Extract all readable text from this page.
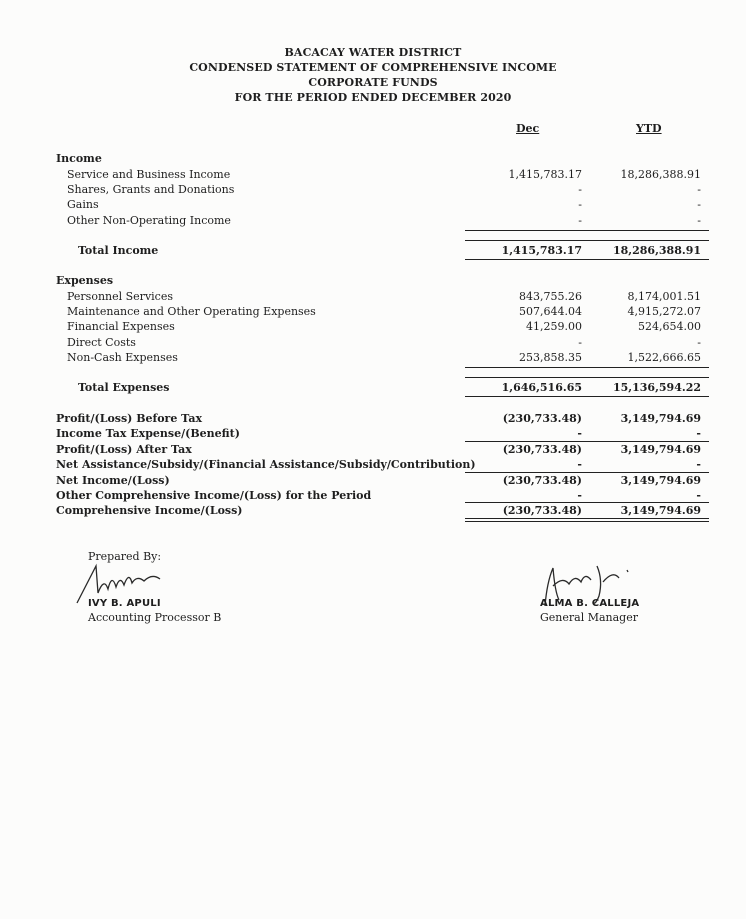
BACACAY WATER DISTRICT
CONDENSED STATEMENT OF COMPREHENSIVE INCOME
CORPORATE FUNDS
FOR THE PERIOD ENDED DECEMBER 2020
Dec	YTD
Income
Service and Business Income	1,415,783.17	18,286,388.91
Shares, Grants and Donations	-	-
Gains	-	-
Other Non-Operating Income	-	-
Total Income	1,415,783.17	18,286,388.91
Expenses
Personnel Services	843,755.26	8,174,001.51
Maintenance and Other Operating Expenses	507,644.04	4,915,272.07
Financial Expenses	41,259.00	524,654.00
Direct Costs	-	-
Non-Cash Expenses	253,858.35	1,522,666.65
Total Expenses	1,646,516.65	15,136,594.22
Profit/(Loss) Before Tax	(230,733.48)	3,149,794.69
Income Tax Expense/(Benefit)	-	-
Profit/(Loss) After Tax	(230,733.48)	3,149,794.69
Net Assistance/Subsidy/(Financial Assistance/Subsidy/Contribution)	-	-
Net Income/(Loss)	(230,733.48)	3,149,794.69
Other Comprehensive Income/(Loss) for the Period	-	-
Comprehensive Income/(Loss)	(230,733.48)	3,149,794.69
Prepared By:
IVY B. APULI
Accounting Processor B
ALMA B. CALLEJA
General Manager
